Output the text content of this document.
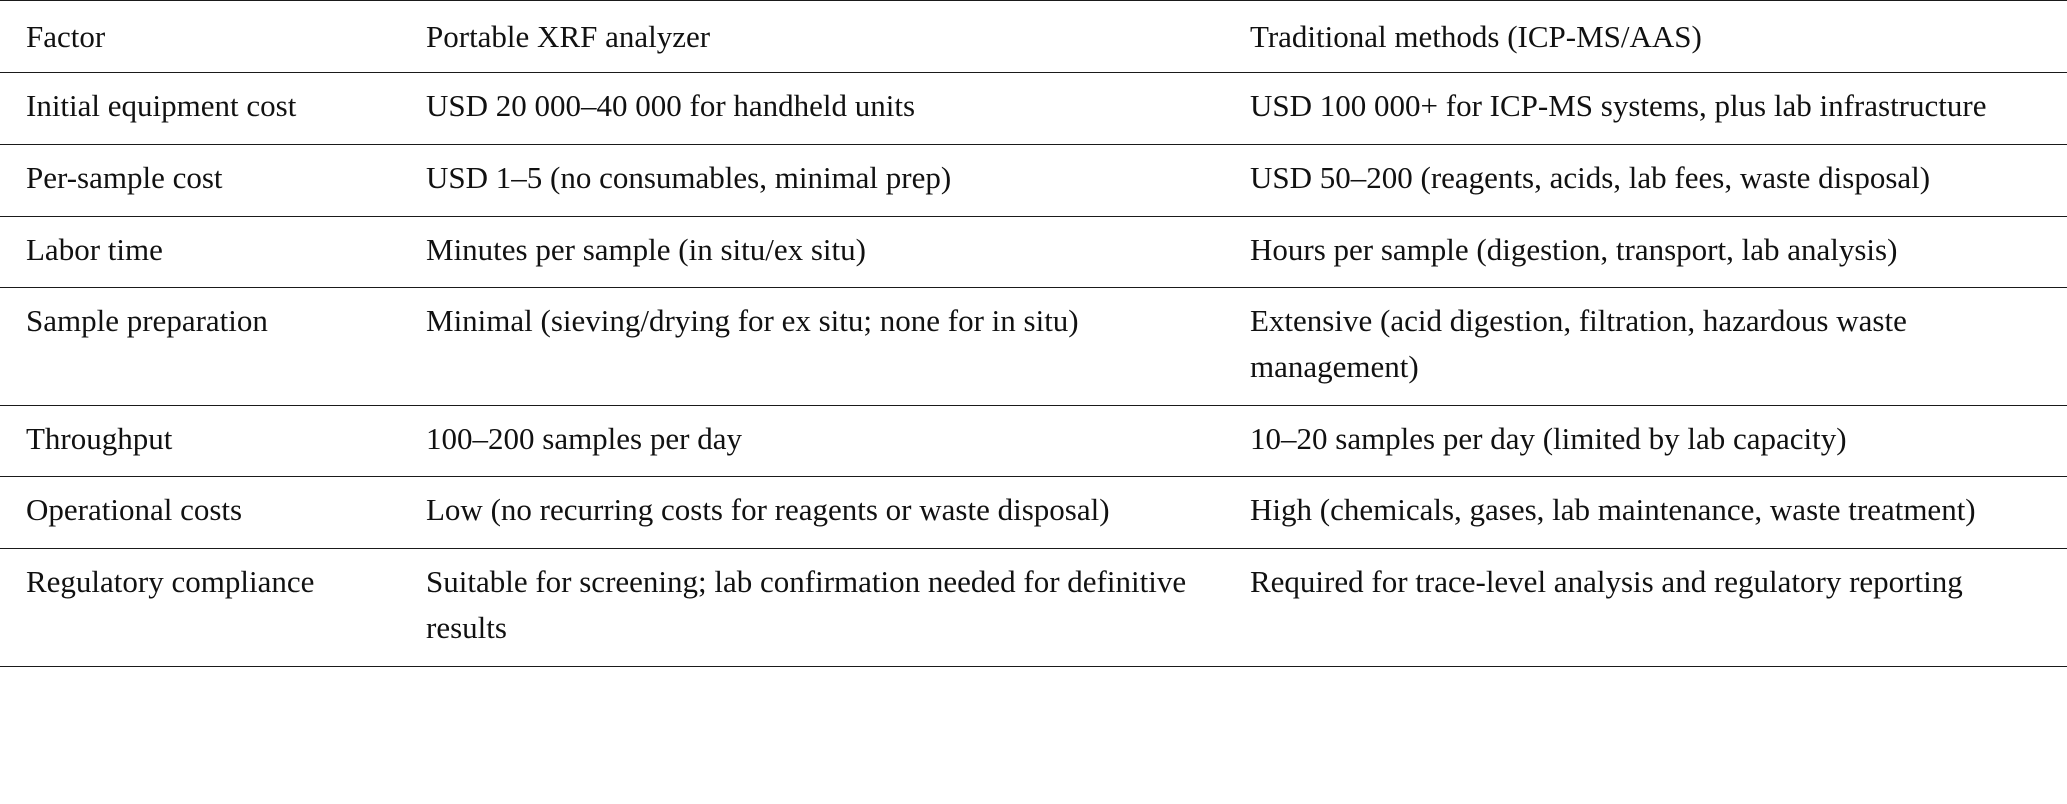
Factor	Portable XRF analyzer	Traditional methods (ICP-MS/AAS)
Initial equipment cost	USD 20 000–40 000 for handheld units	USD 100 000+ for ICP-MS systems, plus lab infrastructure
Per-sample cost	USD 1–5 (no consumables, minimal prep)	USD 50–200 (reagents, acids, lab fees, waste disposal)
Labor time	Minutes per sample (in situ/ex situ)	Hours per sample (digestion, transport, lab analysis)
Sample preparation	Minimal (sieving/drying for ex situ; none for in situ)	Extensive (acid digestion, filtration, hazardous waste management)
Throughput	100–200 samples per day	10–20 samples per day (limited by lab capacity)
Operational costs	Low (no recurring costs for reagents or waste disposal)	High (chemicals, gases, lab maintenance, waste treatment)
Regulatory compliance	Suitable for screening; lab confirmation needed for definitive results	Required for trace-level analysis and regulatory reporting
